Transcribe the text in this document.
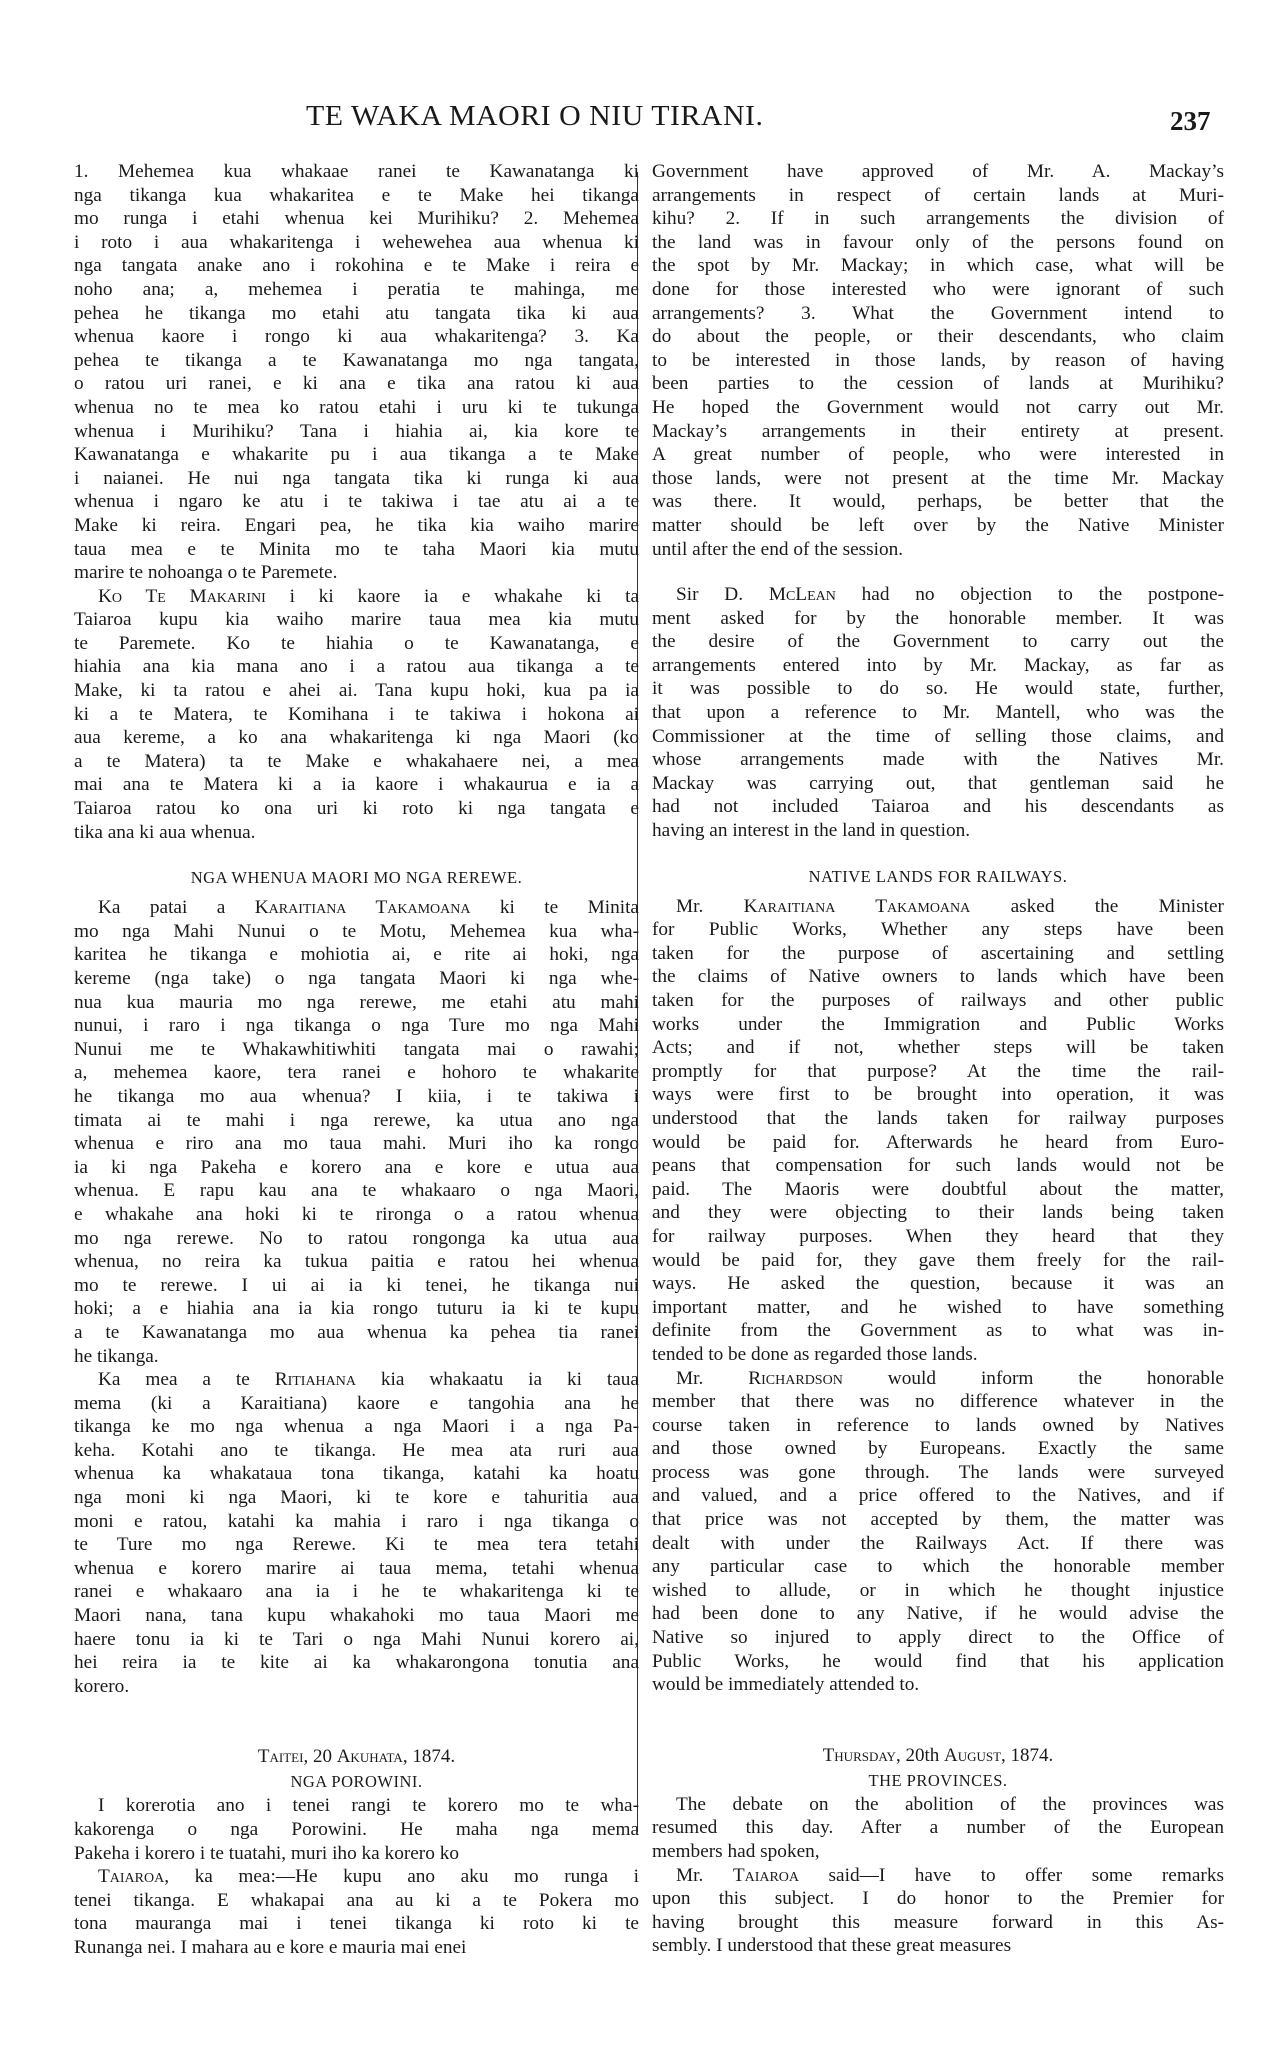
TE WAKA MAORI O NIU TIRANI.	237

1. Mehemea kua whakaae ranei te Kawanatanga ki
nga tikanga kua whakaritea e te Make hei tikanga
mo runga i etahi whenua kei Murihiku? 2. Mehemea
i roto i aua whakaritenga i wehewehea aua whenua ki
nga tangata anake ano i rokohina e te Make i reira e
noho ana; a, mehemea i peratia te mahinga, me
pehea he tikanga mo etahi atu tangata tika ki aua
whenua kaore i rongo ki aua whakaritenga? 3. Ka
pehea te tikanga a te Kawanatanga mo nga tangata,
o ratou uri ranei, e ki ana e tika ana ratou ki aua
whenua no te mea ko ratou etahi i uru ki te tukunga
whenua i Murihiku? Tana i hiahia ai, kia kore te
Kawanatanga e whakarite pu i aua tikanga a te Make
i naianei. He nui nga tangata tika ki runga ki aua
whenua i ngaro ke atu i te takiwa i tae atu ai a te
Make ki reira. Engari pea, he tika kia waiho marire
taua mea e te Minita mo te taha Maori kia mutu
marire te nohoanga o te Paremete.

Ko Te Makarini i ki kaore ia e whakahe ki ta
Taiaroa kupu kia waiho marire taua mea kia mutu
te Paremete. Ko te hiahia o te Kawanatanga, e
hiahia ana kia mana ano i a ratou aua tikanga a te
Make, ki ta ratou e ahei ai. Tana kupu hoki, kua pa ia
ki a te Matera, te Komihana i te takiwa i hokona ai
aua kereme, a ko ana whakaritenga ki nga Maori (ko
a te Matera) ta te Make e whakahaere nei, a mea
mai ana te Matera ki a ia kaore i whakaurua e ia a
Taiaroa ratou ko ona uri ki roto ki nga tangata e
tika ana ki aua whenua.

NGA WHENUA MAORI MO NGA REREWE.

Ka patai a Karaitiana Takamoana ki te Minita
mo nga Mahi Nunui o te Motu, Mehemea kua wha-
karitea he tikanga e mohiotia ai, e rite ai hoki, nga
kereme (nga take) o nga tangata Maori ki nga whe-
nua kua mauria mo nga rerewe, me etahi atu mahi
nunui, i raro i nga tikanga o nga Ture mo nga Mahi
Nunui me te Whakawhitiwhiti tangata mai o rawahi;
a, mehemea kaore, tera ranei e hohoro te whakarite
he tikanga mo aua whenua? I kiia, i te takiwa i
timata ai te mahi i nga rerewe, ka utua ano nga
whenua e riro ana mo taua mahi. Muri iho ka rongo
ia ki nga Pakeha e korero ana e kore e utua aua
whenua. E rapu kau ana te whakaaro o nga Maori,
e whakahe ana hoki ki te rironga o a ratou whenua
mo nga rerewe. No to ratou rongonga ka utua aua
whenua, no reira ka tukua paitia e ratou hei whenua
mo te rerewe. I ui ai ia ki tenei, he tikanga nui
hoki; a e hiahia ana ia kia rongo tuturu ia ki te kupu
a te Kawanatanga mo aua whenua ka pehea tia ranei
he tikanga.

Ka mea a te Ritiahana kia whakaatu ia ki taua
mema (ki a Karaitiana) kaore e tangohia ana he
tikanga ke mo nga whenua a nga Maori i a nga Pa-
keha. Kotahi ano te tikanga. He mea ata ruri aua
whenua ka whakataua tona tikanga, katahi ka hoatu
nga moni ki nga Maori, ki te kore e tahuritia aua
moni e ratou, katahi ka mahia i raro i nga tikanga o
te Ture mo nga Rerewe. Ki te mea tera tetahi
whenua e korero marire ai taua mema, tetahi whenua
ranei e whakaaro ana ia i he te whakaritenga ki te
Maori nana, tana kupu whakahoki mo taua Maori me
haere tonu ia ki te Tari o nga Mahi Nunui korero ai,
hei reira ia te kite ai ka whakarongona tonutia ana
korero.

Taitei, 20 Akuhata, 1874.
NGA POROWINI.

I korerotia ano i tenei rangi te korero mo te wha-
kakorenga o nga Porowini. He maha nga mema
Pakeha i korero i te tuatahi, muri iho ka korero ko

Taiaroa, ka mea:—He kupu ano aku mo runga i
tenei tikanga. E whakapai ana au ki a te Pokera mo
tona mauranga mai i tenei tikanga ki roto ki te
Runanga nei. I mahara au e kore e mauria mai enei

Government have approved of Mr. A. Mackay’s
arrangements in respect of certain lands at Muri-
kihu? 2. If in such arrangements the division of
the land was in favour only of the persons found on
the spot by Mr. Mackay; in which case, what will be
done for those interested who were ignorant of such
arrangements? 3. What the Government intend to
do about the people, or their descendants, who claim
to be interested in those lands, by reason of having
been parties to the cession of lands at Murihiku?
He hoped the Government would not carry out Mr.
Mackay’s arrangements in their entirety at present.
A great number of people, who were interested in
those lands, were not present at the time Mr. Mackay
was there. It would, perhaps, be better that the
matter should be left over by the Native Minister
until after the end of the session.

Sir D. McLean had no objection to the postpone-
ment asked for by the honorable member. It was
the desire of the Government to carry out the
arrangements entered into by Mr. Mackay, as far as
it was possible to do so. He would state, further,
that upon a reference to Mr. Mantell, who was the
Commissioner at the time of selling those claims, and
whose arrangements made with the Natives Mr.
Mackay was carrying out, that gentleman said he
had not included Taiaroa and his descendants as
having an interest in the land in question.

NATIVE LANDS FOR RAILWAYS.

Mr. Karaitiana Takamoana asked the Minister
for Public Works, Whether any steps have been
taken for the purpose of ascertaining and settling
the claims of Native owners to lands which have been
taken for the purposes of railways and other public
works under the Immigration and Public Works
Acts; and if not, whether steps will be taken
promptly for that purpose? At the time the rail-
ways were first to be brought into operation, it was
understood that the lands taken for railway purposes
would be paid for. Afterwards he heard from Euro-
peans that compensation for such lands would not be
paid. The Maoris were doubtful about the matter,
and they were objecting to their lands being taken
for railway purposes. When they heard that they
would be paid for, they gave them freely for the rail-
ways. He asked the question, because it was an
important matter, and he wished to have something
definite from the Government as to what was in-
tended to be done as regarded those lands.

Mr. Richardson would inform the honorable
member that there was no difference whatever in the
course taken in reference to lands owned by Natives
and those owned by Europeans. Exactly the same
process was gone through. The lands were surveyed
and valued, and a price offered to the Natives, and if
that price was not accepted by them, the matter was
dealt with under the Railways Act. If there was
any particular case to which the honorable member
wished to allude, or in which he thought injustice
had been done to any Native, if he would advise the
Native so injured to apply direct to the Office of
Public Works, he would find that his application
would be immediately attended to.

Thursday, 20th August, 1874.
THE PROVINCES.

The debate on the abolition of the provinces was
resumed this day. After a number of the European
members had spoken,

Mr. Taiaroa said—I have to offer some remarks
upon this subject. I do honor to the Premier for
having brought this measure forward in this As-
sembly. I understood that these great measures
